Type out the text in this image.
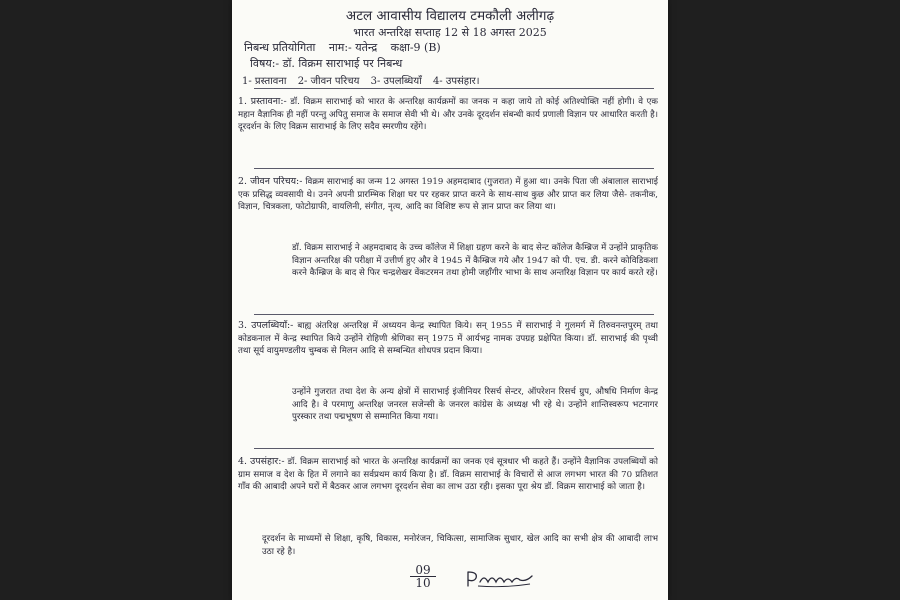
अटल आवासीय विद्यालय टमकौली अलीगढ़
भारत अन्तरिक्ष सप्ताह 12 से 18 अगस्त 2025
निबन्ध प्रतियोगिता नाम:- यतेन्द्र कक्षा-9 (B)
विषय:- डॉ. विक्रम साराभाई पर निबन्ध
1- प्रस्तावना 2- जीवन परिचय 3- उपलब्धियाँ 4- उपसंहार।
1. प्रस्तावना:- डॉ. विक्रम साराभाई को भारत के अन्तरिक्ष कार्यक्रमों का जनक न कहा जाये तो कोई अतिश्योक्ति नहीं होगी। वे एक महान वैज्ञानिक ही नहीं परन्तु अपितु समाज के समाज सेवी भी थे। और उनके दूरदर्शन संबन्धी कार्य प्रणाली विज्ञान पर आधारित करती है। दूरदर्शन के लिए विक्रम साराभाई के लिए सदैव स्मरणीय रहेंगे।
2. जीवन परिचय:- विक्रम साराभाई का जन्म 12 अगस्त 1919 अहमदाबाद (गुजरात) में हुआ था। उनके पिता जी अंबालाल साराभाई एक प्रसिद्ध व्यवसायी थे। उनने अपनी प्रारम्भिक शिक्षा घर पर रहकर प्राप्त करने के साथ-साथ कुछ और प्राप्त कर लिया जैसे- तकनीक, विज्ञान, चित्रकला, फोटोग्राफी, वायलिनी, संगीत, नृत्य, आदि का विशिष्ट रूप से ज्ञान प्राप्त कर लिया था।
डॉ. विक्रम साराभाई ने अहमदाबाद के उच्च कॉलेज में शिक्षा ग्रहण करने के बाद सेन्ट कॉलेज कैम्ब्रिज में उन्होंने प्राकृतिक विज्ञान अन्तरिक्ष की परीक्षा में उत्तीर्ण हुए और वे 1945 में कैम्ब्रिज गये और 1947 को पी. एच. डी. करने कोविडिकशा करने कैम्ब्रिज के बाद से फिर चन्द्रशेखर वेंकटरमन तथा होमी जहाँगीर भाभा के साथ अन्तरिक्ष विज्ञान पर कार्य करते रहें।
3. उपलब्धियाँ:- बाह्य अंतरिक्ष अन्तरिक्ष में अध्ययन केन्द्र स्थापित किये। सन् 1955 में साराभाई ने गुलमर्ग में तिरुवनन्तपुरम् तथा कोडकनाल में केन्द्र स्थापित किये उन्होंने रोहिणी श्रेणिका सन् 1975 में आर्यभट्ट नामक उपग्रह प्रक्षेपित किया। डॉ. साराभाई की पृथ्वी तथा सूर्य वायुमण्डलीय चुम्बक से मिलन आदि से सम्बन्धित शोधपत्र प्रदान किया।
उन्होंने गुजरात तथा देश के अन्य क्षेत्रों में साराभाई इंजीनियर रिसर्च सेन्टर, ऑपरेशन रिसर्च ग्रुप, औषधि निर्माण केन्द्र आदि है। वे परमाणु अन्तरिक्ष जनरल सजेन्सी के जनरल कांग्रेस के अध्यक्ष भी रहे थे। उन्होंने शान्तिस्वरूप भटनागर पुरस्कार तथा पद्मभूषण से सम्मानित किया गया।
4. उपसंहार:- डॉ. विक्रम साराभाई को भारत के अन्तरिक्ष कार्यक्रमों का जनक एवं सूत्रधार भी कहते हैं। उन्होंने वैज्ञानिक उपलब्धियों को ग्राम समाज व देश के हित में लगाने का सर्वप्रथम कार्य किया है। डॉ. विक्रम साराभाई के विचारों से आज लगभग भारत की 70 प्रतिशत गाँव की आबादी अपने घरों में बैठकर आज लगभग दूरदर्शन सेवा का लाभ उठा रही। इसका पूरा श्रेय डॉ. विक्रम साराभाई को जाता है।
दूरदर्शन के माध्यमों से शिक्षा, कृषि, विकास, मनोरंजन, चिकित्सा, सामाजिक सुधार, खेल आदि का सभी क्षेत्र की आबादी लाभ उठा रहे है।
09
10
